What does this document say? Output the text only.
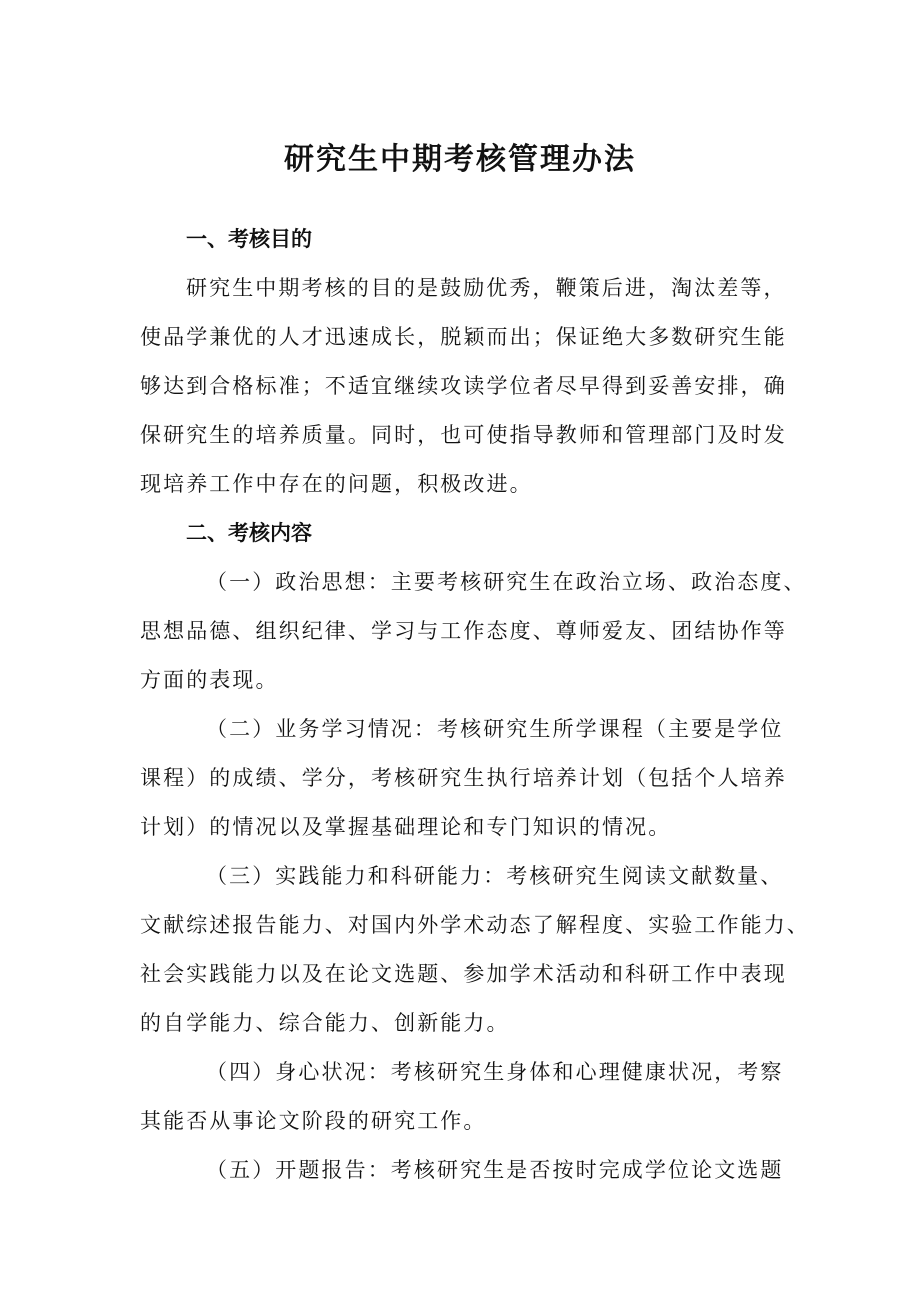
研究生中期考核管理办法
一、考核目的

研究生中期考核的目的是鼓励优秀，鞭策后进，淘汰差等，
使品学兼优的人才迅速成长，脱颖而出；保证绝大多数研究生能
够达到合格标准；不适宜继续攻读学位者尽早得到妥善安排，确
保研究生的培养质量。同时，也可使指导教师和管理部门及时发
现培养工作中存在的问题，积极改进。

二、考核内容

（一）政治思想：主要考核研究生在政治立场、政治态度、
思想品德、组织纪律、学习与工作态度、尊师爱友、团结协作等
方面的表现。

（二）业务学习情况：考核研究生所学课程（主要是学位
课程）的成绩、学分，考核研究生执行培养计划（包括个人培养
计划）的情况以及掌握基础理论和专门知识的情况。

（三）实践能力和科研能力：考核研究生阅读文献数量、
文献综述报告能力、对国内外学术动态了解程度、实验工作能力、
社会实践能力以及在论文选题、参加学术活动和科研工作中表现
的自学能力、综合能力、创新能力。

（四）身心状况：考核研究生身体和心理健康状况，考察
其能否从事论文阶段的研究工作。

（五）开题报告：考核研究生是否按时完成学位论文选题
